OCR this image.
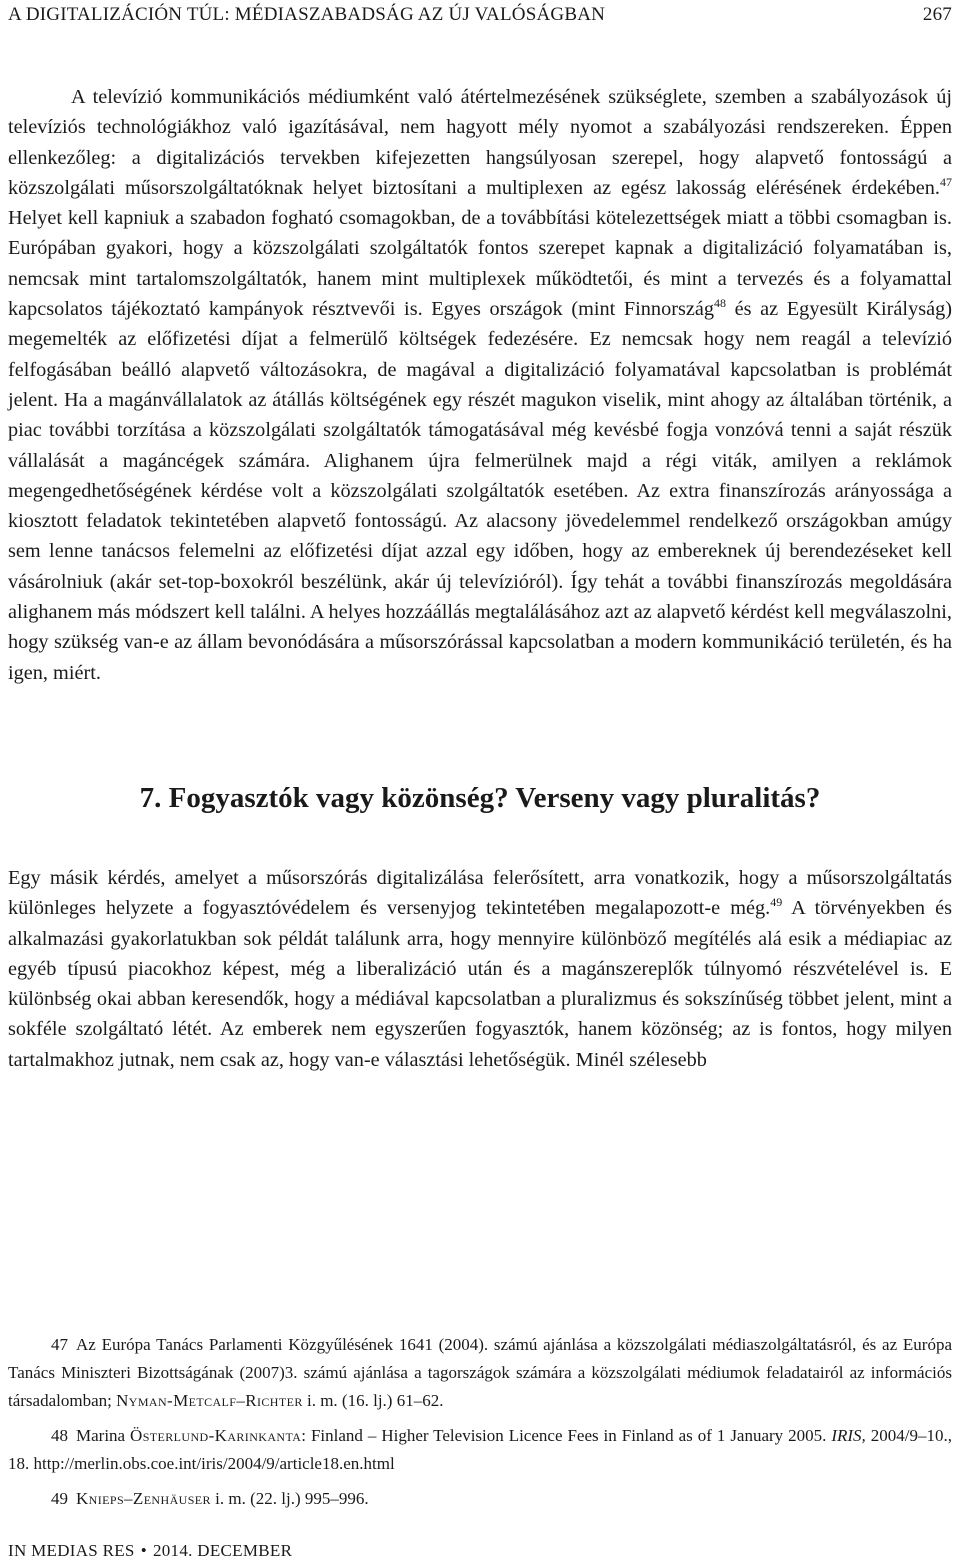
A DIGITALIZÁCIÓN TÚL: MÉDIASZABADSÁG AZ ÚJ VALÓSÁGBAN	267

A televízió kommunikációs médiumként való átértelmezésének szükséglete, szemben a szabályozások új televíziós technológiákhoz való igazításával, nem hagyott mély nyomot a szabályozási rendszereken. Éppen ellenkezőleg: a digitalizációs tervekben kifejezetten hangsúlyosan szerepel, hogy alapvető fontosságú a közszolgálati műsorszolgáltatóknak helyet biztosítani a multiplexen az egész lakosság elérésének érdekében.$^{47}$ Helyet kell kapniuk a szabadon fogható csomagokban, de a továbbítási kötelezettségek miatt a többi csomagban is. Európában gyakori, hogy a közszolgálati szolgáltatók fontos szerepet kapnak a digitalizáció folyamatában is, nemcsak mint tartalomszolgáltatók, hanem mint multiplexek működtetői, és mint a tervezés és a folyamattal kapcsolatos tájékoztató kampányok résztvevői is. Egyes országok (mint Finnország$^{48}$ és az Egyesült Királyság) megemelték az előfizetési díjat a felmerülő költségek fedezésére. Ez nemcsak hogy nem reagál a televízió felfogásában beálló alapvető változásokra, de magával a digitalizáció folyamatával kapcsolatban is problémát jelent. Ha a magánvállalatok az átállás költségének egy részét magukon viselik, mint ahogy az általában történik, a piac további torzítása a közszolgálati szolgáltatók támogatásával még kevésbé fogja vonzóvá tenni a saját részük vállalását a magáncégek számára. Alighanem újra felmerülnek majd a régi viták, amilyen a reklámok megengedhetőségének kérdése volt a közszolgálati szolgáltatók esetében. Az extra finanszírozás arányossága a kiosztott feladatok tekintetében alapvető fontosságú. Az alacsony jövedelemmel rendelkező országokban amúgy sem lenne tanácsos felemelni az előfizetési díjat azzal egy időben, hogy az embereknek új berendezéseket kell vásárolniuk (akár set-top-boxokról beszélünk, akár új televízióról). Így tehát a további finanszírozás megoldására alighanem más módszert kell találni. A helyes hozzáállás megtalálásához azt az alapvető kérdést kell megválaszolni, hogy szükség van-e az állam bevonódására a műsorszórással kapcsolatban a modern kommunikáció területén, és ha igen, miért.

7. Fogyasztók vagy közönség? Verseny vagy pluralitás?

Egy másik kérdés, amelyet a műsorszórás digitalizálása felerősített, arra vonatkozik, hogy a műsorszolgáltatás különleges helyzete a fogyasztóvédelem és versenyjog tekintetében megalapozott-e még.$^{49}$ A törvényekben és alkalmazási gyakorlatukban sok példát találunk arra, hogy mennyire különböző megítélés alá esik a médiapiac az egyéb típusú piacokhoz képest, még a liberalizáció után és a magánszereplők túlnyomó részvételével is. E különbség okai abban keresendők, hogy a médiával kapcsolatban a pluralizmus és sokszínűség többet jelent, mint a sokféle szolgáltató létét. Az emberek nem egyszerűen fogyasztók, hanem közönség; az is fontos, hogy milyen tartalmakhoz jutnak, nem csak az, hogy van-e választási lehetőségük. Minél szélesebb

47 Az Európa Tanács Parlamenti Közgyűlésének 1641 (2004). számú ajánlása a közszolgálati médiaszolgáltatásról, és az Európa Tanács Miniszteri Bizottságának (2007)3. számú ajánlása a tagországok számára a közszolgálati médiumok feladatairól az információs társadalomban; Nyman-Metcalf–Richter i. m. (16. lj.) 61–62.

48 Marina Österlund-Karinkanta: Finland – Higher Television Licence Fees in Finland as of 1 January 2005. IRIS, 2004/9–10., 18. http://merlin.obs.coe.int/iris/2004/9/article18.en.html

49 Knieps–Zenhäuser i. m. (22. lj.) 995–996.

IN MEDIAS RES • 2014. DECEMBER
